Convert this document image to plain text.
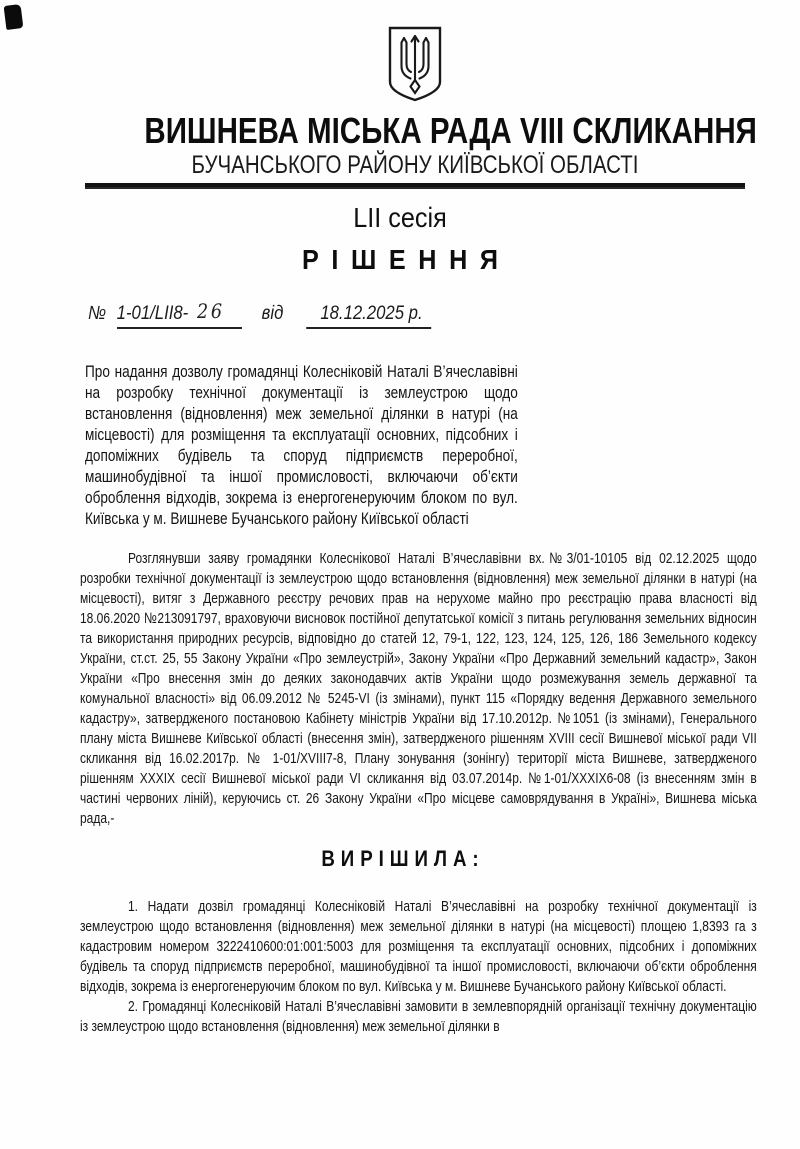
ВИШНЕВА МІСЬКА РАДА VIII СКЛИКАННЯ
БУЧАНСЬКОГО РАЙОНУ КИЇВСЬКОЇ ОБЛАСТІ
LII сесія
РІШЕННЯ
№ 1-01/LII8- 26 від 18.12.2025 р.
Про надання дозволу громадянці Колесніковій Наталі В’ячеславівні на розробку технічної документації із землеустрою щодо встановлення (відновлення) меж земельної ділянки в натурі (на місцевості) для розміщення та експлуатації основних, підсобних і допоміжних будівель та споруд підприємств переробної, машинобудівної та іншої промисловості, включаючи об’єкти оброблення відходів, зокрема із енергогенеруючим блоком по вул. Київська у м. Вишневе Бучанського району Київської області
Розглянувши заяву громадянки Колеснікової Наталі В’ячеславівни вх.№3/01-10105 від 02.12.2025 щодо розробки технічної документації із землеустрою щодо встановлення (відновлення) меж земельної ділянки в натурі (на місцевості), витяг з Державного реєстру речових прав на нерухоме майно про реєстрацію права власності від 18.06.2020 №213091797, враховуючи висновок постійної депутатської комісії з питань регулювання земельних відносин та використання природних ресурсів, відповідно до статей 12, 79-1, 122, 123, 124, 125, 126, 186 Земельного кодексу України, ст.ст. 25, 55 Закону України «Про землеустрій», Закону України «Про Державний земельний кадастр», Закон України «Про внесення змін до деяких законодавчих актів України щодо розмежування земель державної та комунальної власності» від 06.09.2012 № 5245-VI (із змінами), пункт 115 «Порядку ведення Державного земельного кадастру», затвердженого постановою Кабінету міністрів України від 17.10.2012р. №1051 (із змінами), Генерального плану міста Вишневе Київської області (внесення змін), затвердженого рішенням XVIII сесії Вишневої міської ради VII скликання від 16.02.2017р. № 1-01/XVIII7-8, Плану зонування (зонінгу) території міста Вишневе, затвердженого рішенням XXXIX сесії Вишневої міської ради VI скликання від 03.07.2014р. №1-01/XXXIX6-08 (із внесенням змін в частині червоних ліній), керуючись ст. 26 Закону України «Про місцеве самоврядування в Україні», Вишнева міська рада,-
ВИРІШИЛА:
1. Надати дозвіл громадянці Колесніковій Наталі В’ячеславівні на розробку технічної документації із землеустрою щодо встановлення (відновлення) меж земельної ділянки в натурі (на місцевості) площею 1,8393 га з кадастровим номером 3222410600:01:001:5003 для розміщення та експлуатації основних, підсобних і допоміжних будівель та споруд підприємств переробної, машинобудівної та іншої промисловості, включаючи об’єкти оброблення відходів, зокрема із енергогенеруючим блоком по вул. Київська у м. Вишневе Бучанського району Київської області.
2. Громадянці Колесніковій Наталі В’ячеславівні замовити в землевпорядній організації технічну документацію із землеустрою щодо встановлення (відновлення) меж земельної ділянки в
